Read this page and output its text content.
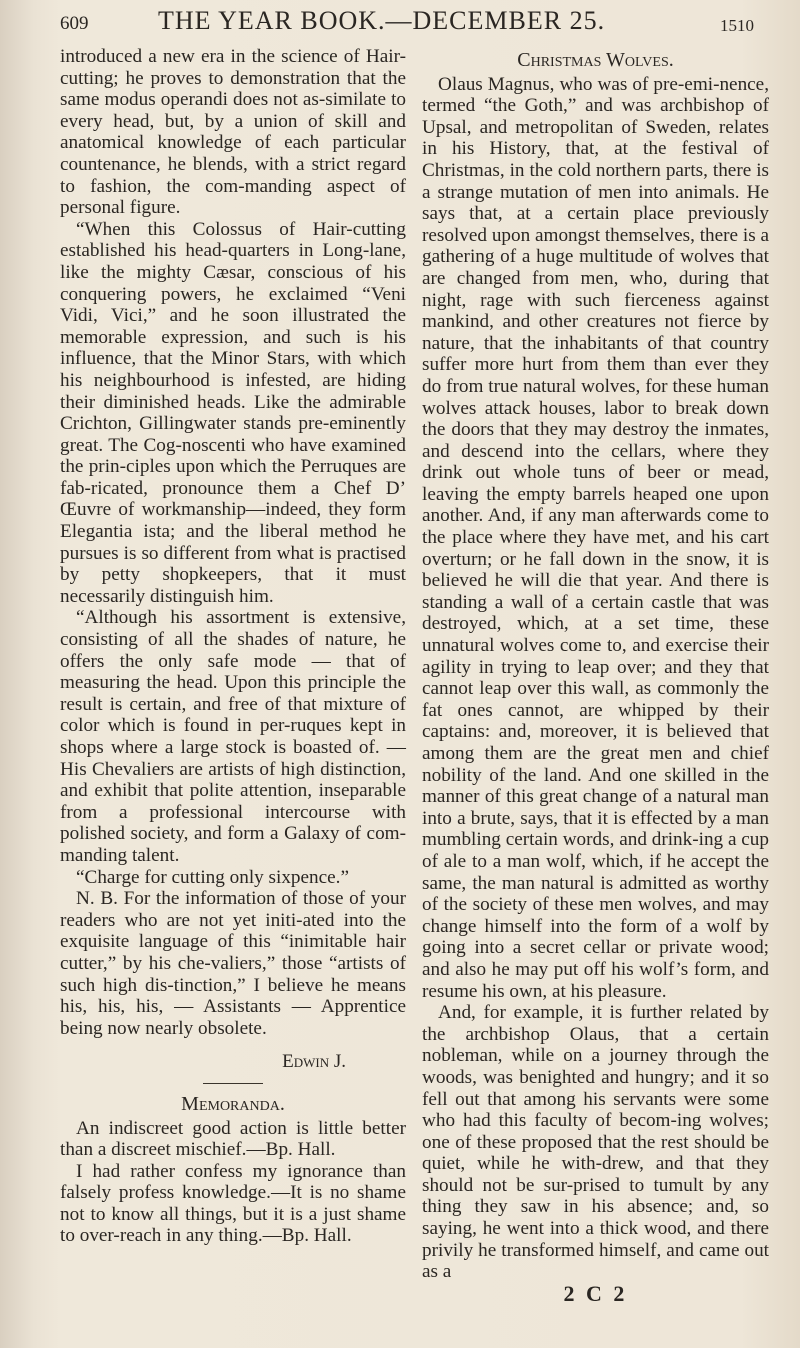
609	THE YEAR BOOK.—DECEMBER 25.	1510

introduced a new era in the science of Hair-cutting; he proves to demonstration that the same modus operandi does not as-similate to every head, but, by a union of skill and anatomical knowledge of each particular countenance, he blends, with a strict regard to fashion, the com-manding aspect of personal figure.

“When this Colossus of Hair-cutting established his head-quarters in Long-lane, like the mighty Cæsar, conscious of his conquering powers, he exclaimed “Veni Vidi, Vici,” and he soon illustrated the memorable expression, and such is his influence, that the Minor Stars, with which his neighbourhood is infested, are hiding their diminished heads. Like the admirable Crichton, Gillingwater stands pre-eminently great. The Cog-noscenti who have examined the prin-ciples upon which the Perruques are fab-ricated, pronounce them a Chef D’ Œuvre of workmanship—indeed, they form Elegantia ista; and the liberal method he pursues is so different from what is practised by petty shopkeepers, that it must necessarily distinguish him.

“Although his assortment is extensive, consisting of all the shades of nature, he offers the only safe mode — that of measuring the head. Upon this principle the result is certain, and free of that mixture of color which is found in per-ruques kept in shops where a large stock is boasted of. — His Chevaliers are artists of high distinction, and exhibit that polite attention, inseparable from a professional intercourse with polished society, and form a Galaxy of com-manding talent.

“Charge for cutting only sixpence.”

N. B. For the information of those of your readers who are not yet initi-ated into the exquisite language of this “inimitable hair cutter,” by his che-valiers,” those “artists of such high dis-tinction,” I believe he means his, his, his, — Assistants — Apprentice being now nearly obsolete.

Edwin J.
Memoranda.

An indiscreet good action is little better than a discreet mischief.—Bp. Hall.

I had rather confess my ignorance than falsely profess knowledge.—It is no shame not to know all things, but it is a just shame to over-reach in any thing.—Bp. Hall.

Christmas Wolves.

Olaus Magnus, who was of pre-emi-nence, termed “the Goth,” and was archbishop of Upsal, and metropolitan of Sweden, relates in his History, that, at the festival of Christmas, in the cold northern parts, there is a strange mutation of men into animals. He says that, at a certain place previously resolved upon amongst themselves, there is a gathering of a huge multitude of wolves that are changed from men, who, during that night, rage with such fierceness against mankind, and other creatures not fierce by nature, that the inhabitants of that country suffer more hurt from them than ever they do from true natural wolves, for these human wolves attack houses, labor to break down the doors that they may destroy the inmates, and descend into the cellars, where they drink out whole tuns of beer or mead, leaving the empty barrels heaped one upon another. And, if any man afterwards come to the place where they have met, and his cart overturn; or he fall down in the snow, it is believed he will die that year. And there is standing a wall of a certain castle that was destroyed, which, at a set time, these unnatural wolves come to, and exercise their agility in trying to leap over; and they that cannot leap over this wall, as commonly the fat ones cannot, are whipped by their captains: and, moreover, it is believed that among them are the great men and chief nobility of the land. And one skilled in the manner of this great change of a natural man into a brute, says, that it is effected by a man mumbling certain words, and drink-ing a cup of ale to a man wolf, which, if he accept the same, the man natural is admitted as worthy of the society of these men wolves, and may change himself into the form of a wolf by going into a secret cellar or private wood; and also he may put off his wolf’s form, and resume his own, at his pleasure.

And, for example, it is further related by the archbishop Olaus, that a certain nobleman, while on a journey through the woods, was benighted and hungry; and it so fell out that among his servants were some who had this faculty of becom-ing wolves; one of these proposed that the rest should be quiet, while he with-drew, and that they should not be sur-prised to tumult by any thing they saw in his absence; and, so saying, he went into a thick wood, and there privily he transformed himself, and came out as a

2 C 2
